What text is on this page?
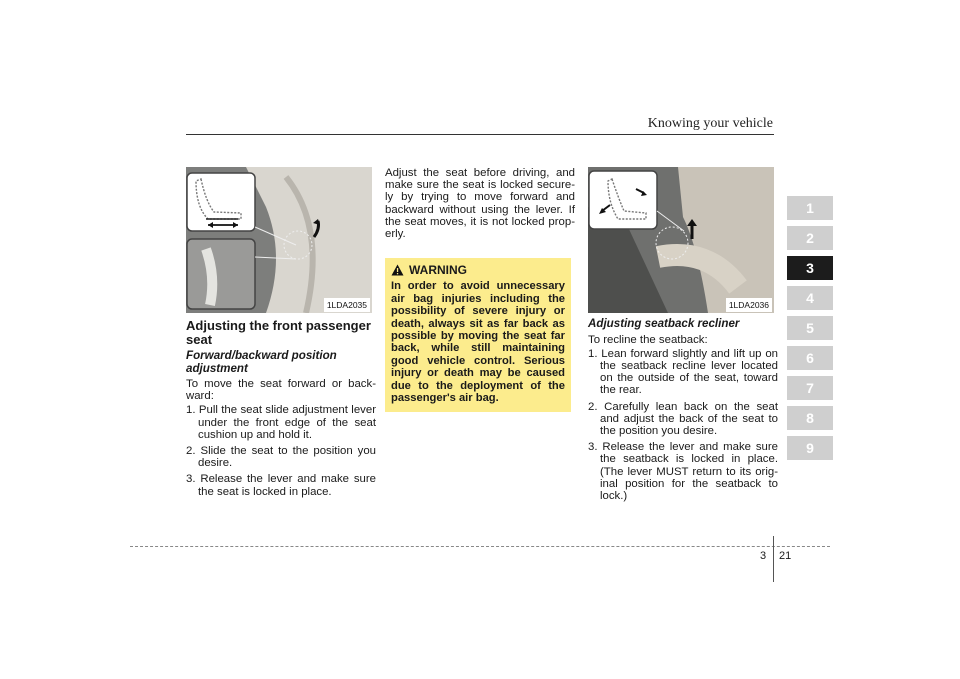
Knowing your vehicle
1LDA2035
Adjusting the front passenger seat
Forward/backward position adjustment

To move the seat forward or back-ward:

1. Pull the seat slide adjustment lever under the front edge of the seat cushion up and hold it.
2. Slide the seat to the position you desire.
3. Release the lever and make sure the seat is locked in place.

Adjust the seat before driving, and make sure the seat is locked secure-ly by trying to move forward and backward without using the lever. If the seat moves, it is not locked prop-erly.

WARNING
In order to avoid unnecessary air bag injuries including the possibility of severe injury or death, always sit as far back as possible by moving the seat far back, while still maintaining good vehicle control. Serious injury or death may be caused due to the deployment of the passenger's air bag.
1LDA2036
Adjusting seatback recliner

To recline the seatback:

1. Lean forward slightly and lift up on the seatback recline lever located on the outside of the seat, toward the rear.
2. Carefully lean back on the seat and adjust the back of the seat to the position you desire.
3. Release the lever and make sure the seatback is locked in place. (The lever MUST return to its orig-inal position for the seatback to lock.)
1
2
3
4
5
6
7
8
9
3 21
